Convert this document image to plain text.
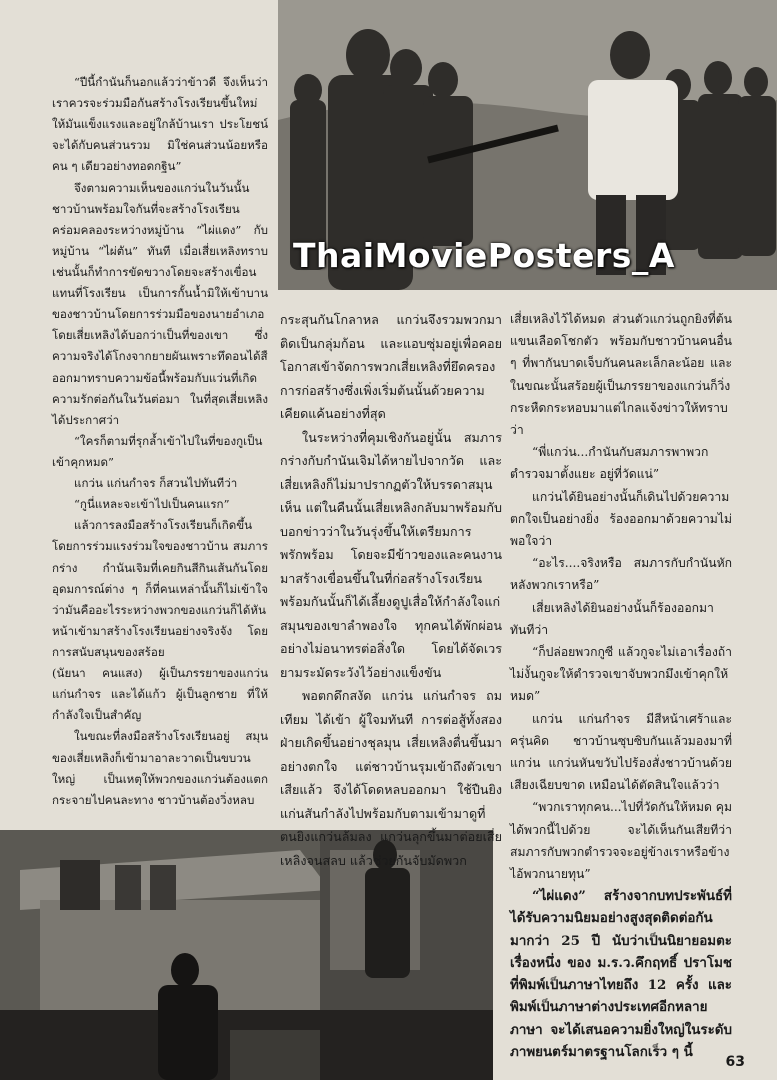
ThaiMoviePosters_A

“ปีนี้กำนันก็นอกแล้วว่าข้าวดี จึงเห็นว่าเราควรจะร่วมมือกันสร้างโรงเรียนขึ้นใหม่ให้มันแข็งแรงและอยู่ใกล้บ้านเรา ประโยชน์จะได้กับคนส่วนรวม มิใช่คนส่วนน้อยหรือคน ๆ เดียวอย่างทอดกฐิน”

จึงตามความเห็นของแกว่นในวันนั้น ชาวบ้านพร้อมใจกันที่จะสร้างโรงเรียนคร่อมคลองระหว่างหมู่บ้าน “ไผ่แดง” กับหมู่บ้าน “ไผ่ตัน” ทันที เมื่อเสี่ยเหลิงทราบเช่นนั้นก็ทำการขัดขวางโดยจะสร้างเขื่อนแทนที่โรงเรียน เป็นการกั้นน้ำมิให้เข้าบานของชาวบ้านโดยการร่วมมือของนายอำเภอ โดยเสี่ยเหลิงได้บอกว่าเป็นที่ของเขา ซึ่งความจริงได้โกงจากยายผันเพราะทึดอนได้สืออกมาทราบความข้อนี้พร้อมกับแว่นที่เกิดความรักต่อกันในวันต่อมา ในที่สุดเสี่ยเหลิงได้ประกาศว่า

“ใครก็ตามที่รุกล้ำเข้าไปในที่ของกูเป็นเข้าคุกหมด”

แกว่น แก่นกำจร ก็สวนไปทันทีว่า

“กูนี่แหละจะเข้าไปเป็นคนแรก”

แล้วการลงมือสร้างโรงเรียนก็เกิดขึ้นโดยการร่วมแรงร่วมใจของชาวบ้าน สมภารกร่าง กำนันเจิมที่เคยกินสีกินเส้นกันโดยอุดมการณ์ต่าง ๆ ก็ที่คนเหล่านั้นก็ไม่เข้าใจว่ามันคืออะไรระหว่างพวกของแกว่นก็ได้หันหน้าเข้ามาสร้างโรงเรียนอย่างจริงจัง โดยการสนับสนุนของสร้อย

(นัยนา คนแสง) ผู้เป็นภรรยาของแกว่น แก่นกำจร และได้แก้ว ผู้เป็นลูกชาย ที่ให้กำลังใจเป็นสำคัญ

ในขณะที่ลงมือสร้างโรงเรียนอยู่ สมุนของเสี่ยเหลิงก็เข้ามาอาละวาดเป็นขบวนใหญ่ เป็นเหตุให้พวกของแกว่นต้องแตกกระจายไปคนละทาง ชาวบ้านต้องวิ่งหลบ

กระสุนกันโกลาหล แกว่นจึงรวมพวกมาติดเป็นกลุ่มก้อน และแอบซุ่มอยู่เพื่อคอยโอกาสเข้าจัดการพวกเสี่ยเหลิงที่ยึดครองการก่อสร้างซึ่งเพิ่งเริ่มต้นนั้นด้วยความเคียดแค้นอย่างที่สุด

ในระหว่างที่คุมเชิงกันอยู่นั้น สมภารกร่างกับกำนันเจิมได้หายไปจากวัด และเสี่ยเหลิงก็ไม่มาปรากฏตัวให้บรรดาสมุนเห็น แต่ในคืนนั้นเสี่ยเหลิงกลับมาพร้อมกับบอกข่าวว่าในวันรุ่งขึ้นให้เตรียมการพรักพร้อม โดยจะมีข้าวของและคนงานมาสร้างเขื่อนขึ้นในที่ก่อสร้างโรงเรียนพร้อมกันนั้นก็ได้เลี้ยงดูปูเสื่อให้กำลังใจแก่สมุนของเขาลำพองใจ ทุกคนได้พักผ่อนอย่างไม่อนาทรต่อสิ่งใด โดยได้จัดเวรยามระมัดระวังไว้อย่างแข็งขัน

พอตกดึกสงัด แกว่น แก่นกำจร ถมเทียม ได้เข้า ผู้ใจมทันที การต่อสู้ทั้งสองฝ่ายเกิดขึ้นอย่างชุลมุน เสี่ยเหลิงตื่นขึ้นมาอย่างตกใจ แต่ชาวบ้านรุมเข้าถึงตัวเขาเสียแล้ว จึงได้โดดหลบออกมา ใช้ปืนยิงแก่นสันกำลังไปพร้อมกับตามเข้ามาดูที่ตนยิงแกว่นล้มลง แกว่นลุกขึ้นมาต่อยเสี่ยเหลิงจนสลบ แล้วช่วยกันจับมัดพวก

เสี่ยเหลิงไว้ได้หมด ส่วนตัวแกว่นถูกยิงที่ต้นแขนเลือดโชกตัว พร้อมกับชาวบ้านคนอื่น ๆ ที่พากันบาดเจ็บกันคนละเล็กละน้อย และในขณะนั้นสร้อยผู้เป็นภรรยาของแกว่นก็วิ่งกระหืดกระหอบมาแต่ไกลแจ้งข่าวให้ทราบว่า

“พี่แกว่น...กำนันกับสมภารพาพวกตำรวจมาตั้งแยะ อยู่ที่วัดแน่”

แกว่นได้ยินอย่างนั้นก็เดินไปด้วยความตกใจเป็นอย่างยิ่ง ร้องออกมาด้วยความไม่พอใจว่า

“อะไร....จริงหรือ สมภารกับกำนันหักหลังพวกเราหรือ”

เสี่ยเหลิงได้ยินอย่างนั้นก็ร้องออกมาทันทีว่า

“ก็ปล่อยพวกกูซี แล้วกูจะไม่เอาเรื่องถ้าไม่งั้นกูจะให้ตำรวจเขาจับพวกมึงเข้าคุกให้หมด”

แกว่น แก่นกำจร มีสีหน้าเศร้าและครุ่นคิด ชาวบ้านซุบซิบกันแล้วมองมาที่แกว่น แกว่นหันขวับไปร้องสั่งชาวบ้านด้วยเสียงเฉียบขาด เหมือนได้ตัดสินใจแล้วว่า

“พวกเราทุกคน...ไปที่วัดกันให้หมด คุมได้พวกนี้ไปด้วย จะได้เห็นกันเสียทีว่าสมภารกับพวกตำรวจจะอยู่ข้างเราหรือข้างไอ้พวกนายทุน”

“ไผ่แดง” สร้างจากบทประพันธ์ที่ได้รับความนิยมอย่างสูงสุดติดต่อกันมากว่า 25 ปี นับว่าเป็นนิยายอมตะเรื่องหนึ่ง ของ ม.ร.ว.คึกฤทธิ์ ปราโมช ที่พิมพ์เป็นภาษาไทยถึง 12 ครั้ง และพิมพ์เป็นภาษาต่างประเทศอีกหลายภาษา จะได้เสนอความยิ่งใหญ่ในระดับภาพยนตร์มาตรฐานโลกเร็ว ๆ นี้

63
